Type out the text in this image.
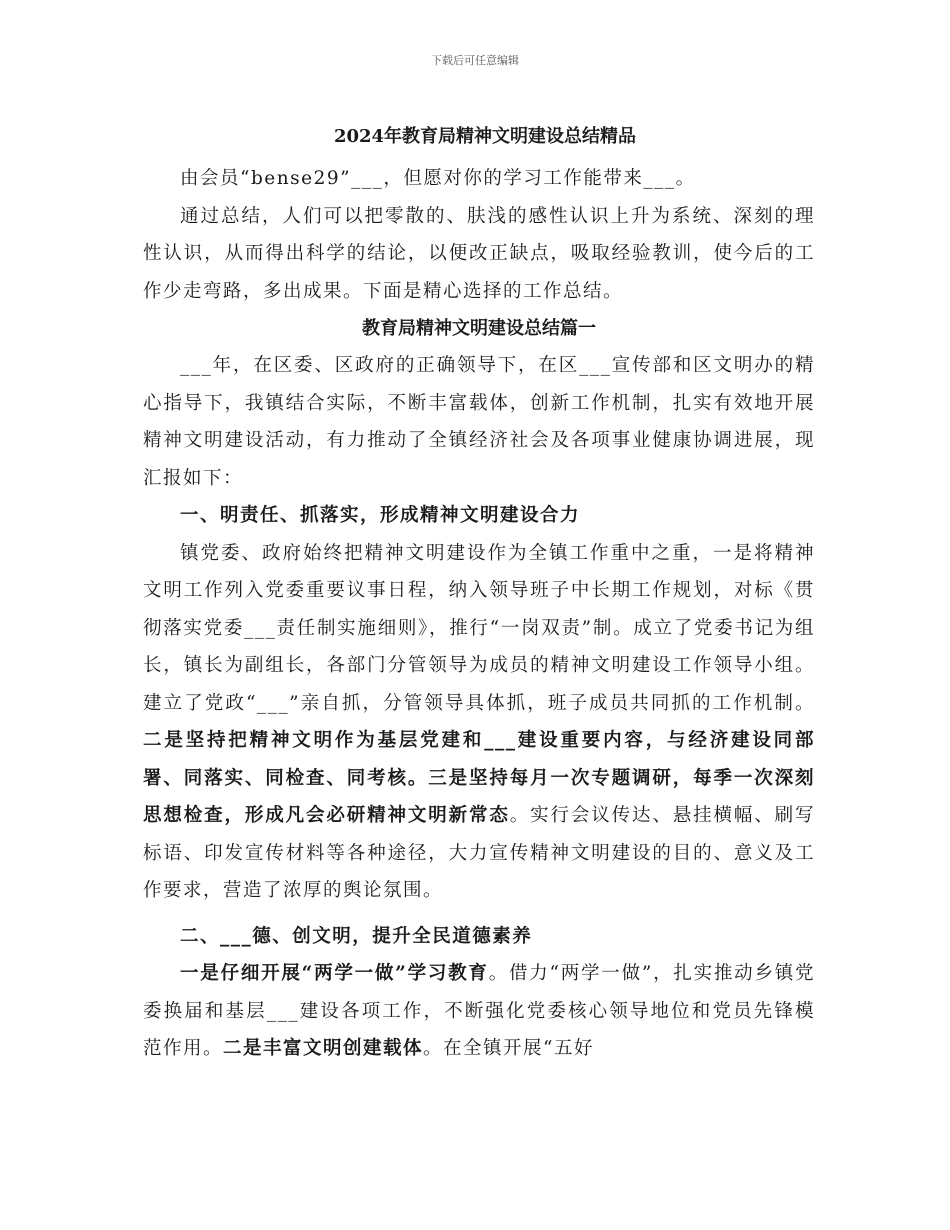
下载后可任意编辑
2024年教育局精神文明建设总结精品

由会员“bense29”___，但愿对你的学习工作能带来___。

通过总结，人们可以把零散的、肤浅的感性认识上升为系统、深刻的理性认识，从而得出科学的结论，以便改正缺点，吸取经验教训，使今后的工作少走弯路，多出成果。下面是精心选择的工作总结。

教育局精神文明建设总结篇一

___年，在区委、区政府的正确领导下，在区___宣传部和区文明办的精心指导下，我镇结合实际，不断丰富载体，创新工作机制，扎实有效地开展精神文明建设活动，有力推动了全镇经济社会及各项事业健康协调进展，现汇报如下：

一、明责任、抓落实，形成精神文明建设合力

镇党委、政府始终把精神文明建设作为全镇工作重中之重，一是将精神文明工作列入党委重要议事日程，纳入领导班子中长期工作规划，对标《贯彻落实党委___责任制实施细则》，推行“一岗双责”制。成立了党委书记为组长，镇长为副组长，各部门分管领导为成员的精神文明建设工作领导小组。建立了党政“___”亲自抓，分管领导具体抓，班子成员共同抓的工作机制。二是坚持把精神文明作为基层党建和___建设重要内容，与经济建设同部署、同落实、同检查、同考核。三是坚持每月一次专题调研，每季一次深刻思想检查，形成凡会必研精神文明新常态。实行会议传达、悬挂横幅、刷写标语、印发宣传材料等各种途径，大力宣传精神文明建设的目的、意义及工作要求，营造了浓厚的舆论氛围。

二、___德、创文明，提升全民道德素养

一是仔细开展“两学一做”学习教育。借力“两学一做”，扎实推动乡镇党委换届和基层___建设各项工作，不断强化党委核心领导地位和党员先锋模范作用。二是丰富文明创建载体。在全镇开展“五好
